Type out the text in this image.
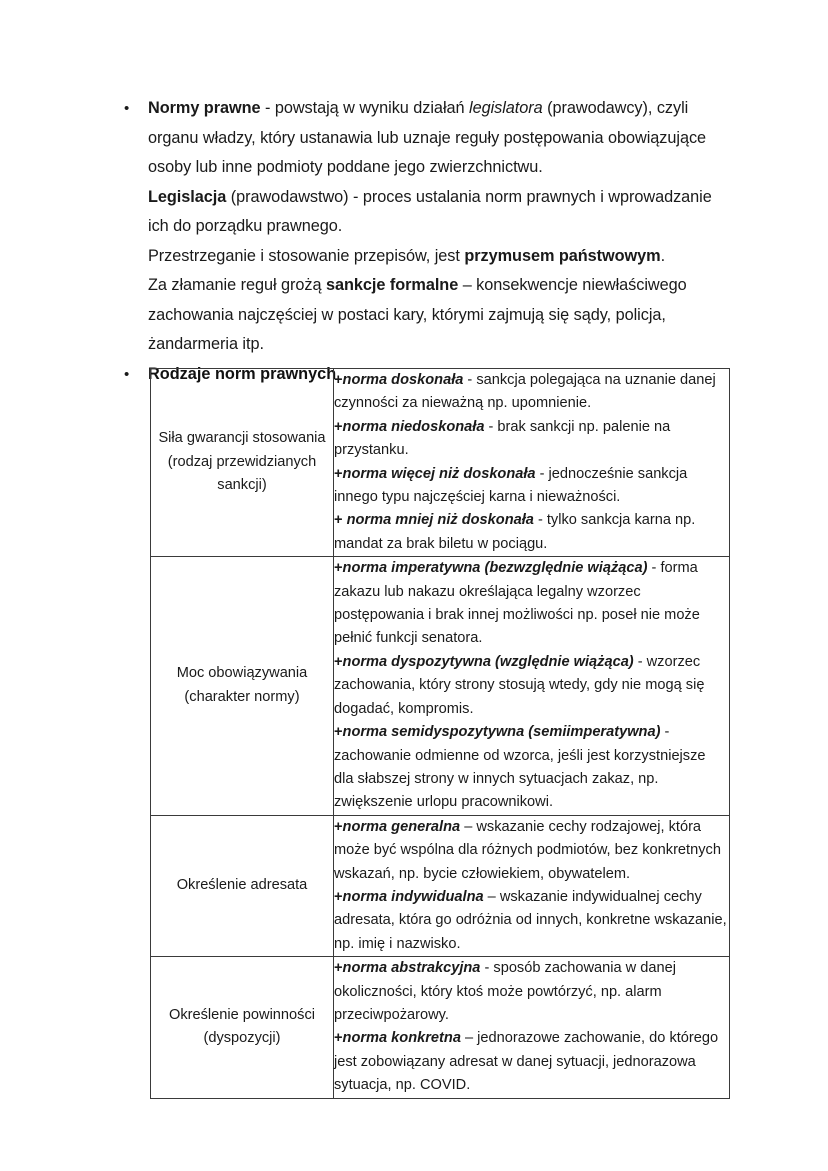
• Normy prawne - powstają w wyniku działań legislatora (prawodawcy), czyli organu władzy, który ustanawia lub uznaje reguły postępowania obowiązujące osoby lub inne podmioty poddane jego zwierzchnictwu.
Legislacja (prawodawstwo) - proces ustalania norm prawnych i wprowadzanie ich do porządku prawnego.
Przestrzeganie i stosowanie przepisów, jest przymusem państwowym.
Za złamanie reguł grożą sankcje formalne – konsekwencje niewłaściwego zachowania najczęściej w postaci kary, którymi zajmują się sądy, policja, żandarmeria itp.
• Rodzaje norm prawnych
Siła gwarancji stosowania (rodzaj przewidzianych sankcji)	+norma doskonała - sankcja polegająca na uznanie danej czynności za nieważną np. upomnienie.
+norma niedoskonała - brak sankcji np. palenie na przystanku.
+norma więcej niż doskonała - jednocześnie sankcja innego typu najczęściej karna i nieważności.
+ norma mniej niż doskonała - tylko sankcja karna np. mandat za brak biletu w pociągu.

Moc obowiązywania (charakter normy)	+norma imperatywna (bezwzględnie wiążąca) - forma zakazu lub nakazu określająca legalny wzorzec postępowania i brak innej możliwości np. poseł nie może pełnić funkcji senatora.
+norma dyspozytywna (względnie wiążąca) - wzorzec zachowania, który strony stosują wtedy, gdy nie mogą się dogadać, kompromis.
+norma semidyspozytywna (semiimperatywna) - zachowanie odmienne od wzorca, jeśli jest korzystniejsze dla słabszej strony w innych sytuacjach zakaz, np. zwiększenie urlopu pracownikowi.

Określenie adresata	+norma generalna – wskazanie cechy rodzajowej, która może być wspólna dla różnych podmiotów, bez konkretnych wskazań, np. bycie człowiekiem, obywatelem.
+norma indywidualna – wskazanie indywidualnej cechy adresata, która go odróżnia od innych, konkretne wskazanie, np. imię i nazwisko.

Określenie powinności (dyspozycji)	+norma abstrakcyjna - sposób zachowania w danej okoliczności, który ktoś może powtórzyć, np. alarm przeciwpożarowy.
+norma konkretna – jednorazowe zachowanie, do którego jest zobowiązany adresat w danej sytuacji, jednorazowa sytuacja, np. COVID.
